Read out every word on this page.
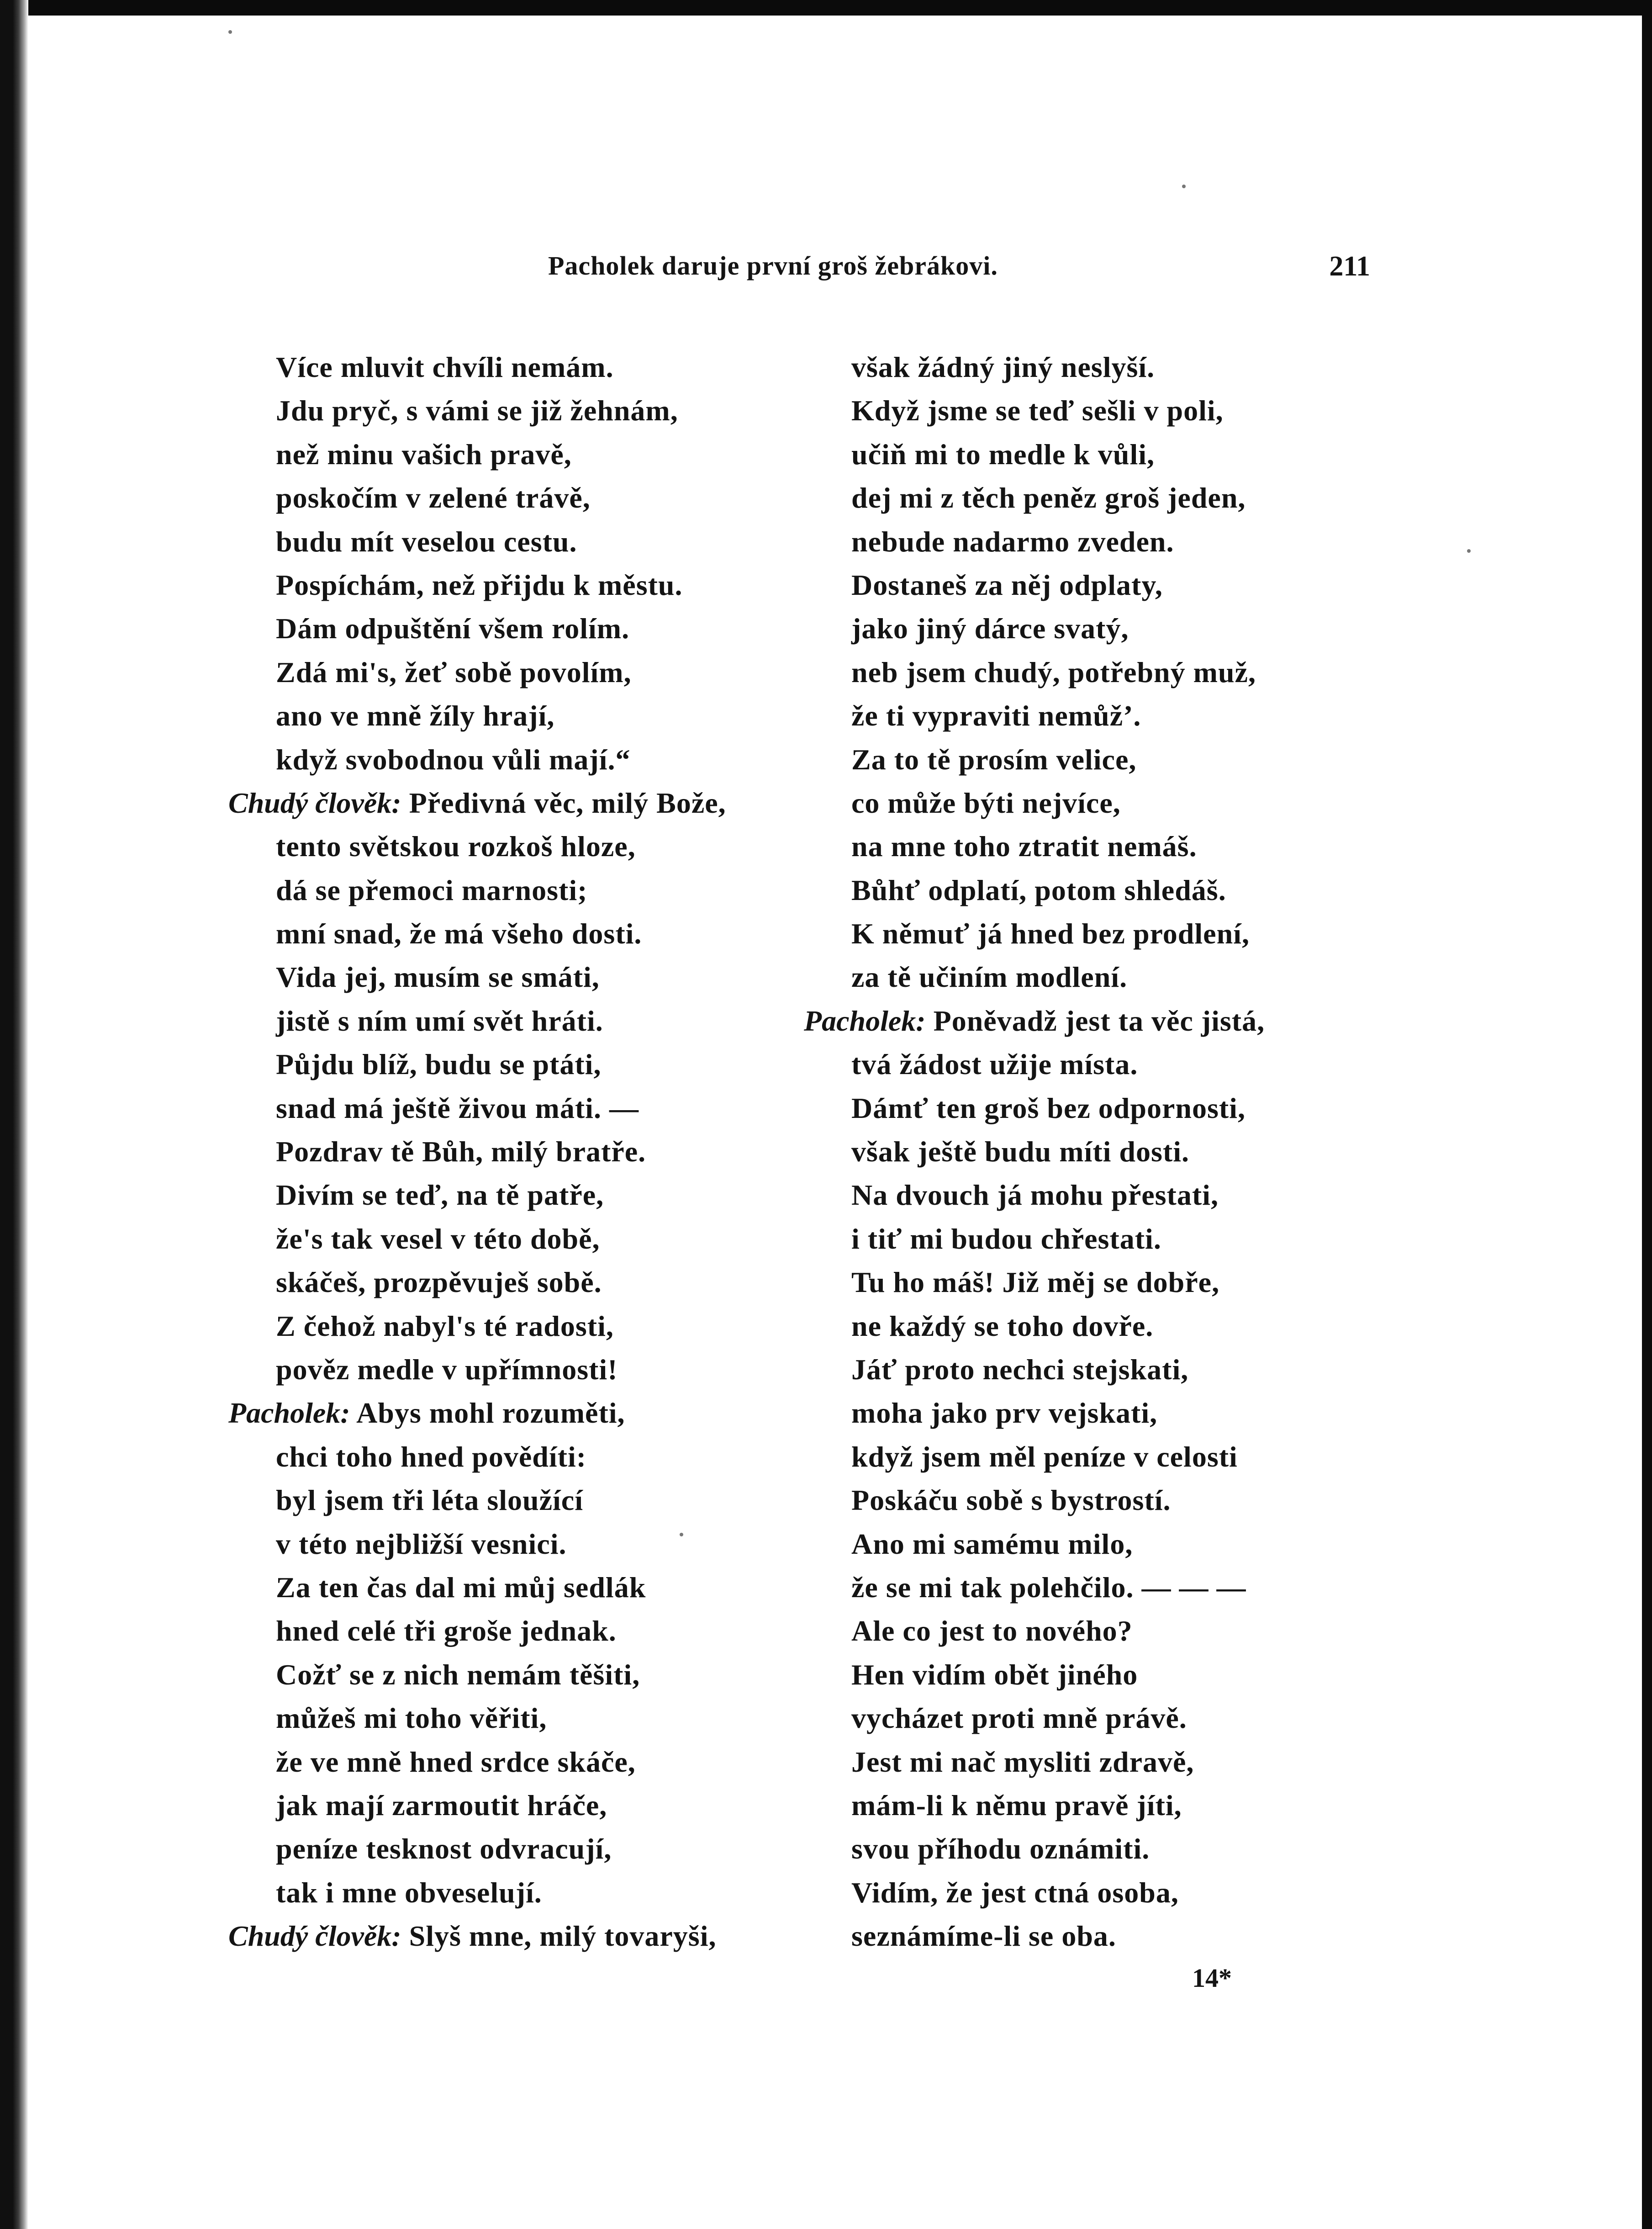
Pacholek daruje první groš žebrákovi.	211
Více mluvit chvíli nemám.
Jdu pryč, s vámi se již žehnám,
než minu vašich pravě,
poskočím v zelené trávě,
budu mít veselou cestu.
Pospíchám, než přijdu k městu.
Dám odpuštění všem rolím.
Zdá mi's, žeť sobě povolím,
ano ve mně žíly hrají,
když svobodnou vůli mají.“
Chudý člověk: Předivná věc, milý Bože,
tento světskou rozkoš hloze,
dá se přemoci marnosti;
mní snad, že má všeho dosti.
Vida jej, musím se smáti,
jistě s ním umí svět hráti.
Půjdu blíž, budu se ptáti,
snad má ještě živou máti. —
Pozdrav tě Bůh, milý bratře.
Divím se teď, na tě patře,
že's tak vesel v této době,
skáčeš, prozpěvuješ sobě.
Z čehož nabyl's té radosti,
pověz medle v upřímnosti!
Pacholek: Abys mohl rozuměti,
chci toho hned povědíti:
byl jsem tři léta sloužící
v této nejbližší vesnici.
Za ten čas dal mi můj sedlák
hned celé tři groše jednak.
Cožť se z nich nemám těšiti,
můžeš mi toho věřiti,
že ve mně hned srdce skáče,
jak mají zarmoutit hráče,
peníze tesknost odvracují,
tak i mne obveselují.
Chudý člověk: Slyš mne, milý tovaryši,
však žádný jiný neslyší.
Když jsme se teď sešli v poli,
učiň mi to medle k vůli,
dej mi z těch peněz groš jeden,
nebude nadarmo zveden.
Dostaneš za něj odplaty,
jako jiný dárce svatý,
neb jsem chudý, potřebný muž,
že ti vypraviti nemůž’.
Za to tě prosím velice,
co může býti nejvíce,
na mne toho ztratit nemáš.
Bůhť odplatí, potom shledáš.
K němuť já hned bez prodlení,
za tě učiním modlení.
Pacholek: Poněvadž jest ta věc jistá,
tvá žádost užije místa.
Dámť ten groš bez odpornosti,
však ještě budu míti dosti.
Na dvouch já mohu přestati,
i tiť mi budou chřestati.
Tu ho máš! Již měj se dobře,
ne každý se toho dovře.
Jáť proto nechci stejskati,
moha jako prv vejskati,
když jsem měl peníze v celosti
Poskáču sobě s bystrostí.
Ano mi samému milo,
že se mi tak polehčilo. — — —
Ale co jest to nového?
Hen vidím obět jiného
vycházet proti mně právě.
Jest mi nač mysliti zdravě,
mám-li k němu pravě jíti,
svou příhodu oznámiti.
Vidím, že jest ctná osoba,
seznámíme-li se oba.
14*
